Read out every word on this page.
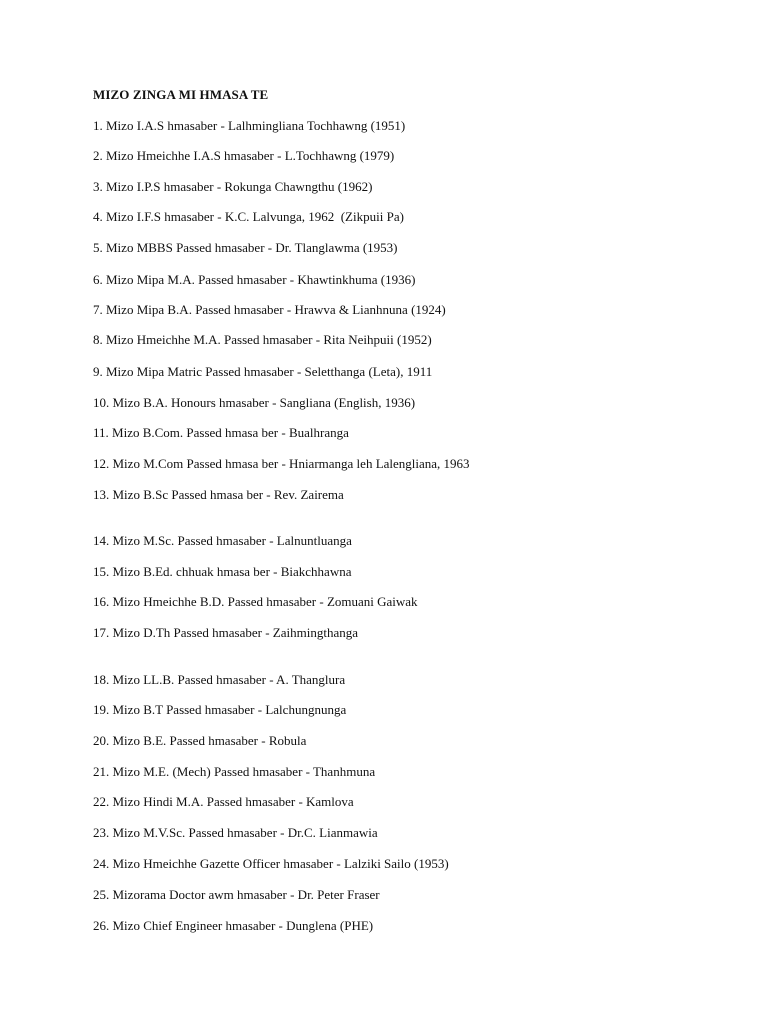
MIZO ZINGA MI HMASA TE
1. Mizo I.A.S hmasaber - Lalhmingliana Tochhawng (1951)
2. Mizo Hmeichhe I.A.S hmasaber - L.Tochhawng (1979)
3. Mizo I.P.S hmasaber - Rokunga Chawngthu (1962)
4. Mizo I.F.S hmasaber - K.C. Lalvunga, 1962  (Zikpuii Pa)
5. Mizo MBBS Passed hmasaber - Dr. Tlanglawma (1953)
6. Mizo Mipa M.A. Passed hmasaber - Khawtinkhuma (1936)
7. Mizo Mipa B.A. Passed hmasaber - Hrawva & Lianhnuna (1924)
8. Mizo Hmeichhe M.A. Passed hmasaber - Rita Neihpuii (1952)
9. Mizo Mipa Matric Passed hmasaber - Seletthanga (Leta), 1911
10. Mizo B.A. Honours hmasaber - Sangliana (English, 1936)
11. Mizo B.Com. Passed hmasa ber - Bualhranga
12. Mizo M.Com Passed hmasa ber - Hniarmanga leh Lalengliana, 1963
13. Mizo B.Sc Passed hmasa ber - Rev. Zairema
14. Mizo M.Sc. Passed hmasaber - Lalnuntluanga
15. Mizo B.Ed. chhuak hmasa ber - Biakchhawna
16. Mizo Hmeichhe B.D. Passed hmasaber - Zomuani Gaiwak
17. Mizo D.Th Passed hmasaber - Zaihmingthanga
18. Mizo LL.B. Passed hmasaber - A. Thanglura
19. Mizo B.T Passed hmasaber - Lalchungnunga
20. Mizo B.E. Passed hmasaber - Robula
21. Mizo M.E. (Mech) Passed hmasaber - Thanhmuna
22. Mizo Hindi M.A. Passed hmasaber - Kamlova
23. Mizo M.V.Sc. Passed hmasaber - Dr.C. Lianmawia
24. Mizo Hmeichhe Gazette Officer hmasaber - Lalziki Sailo (1953)
25. Mizorama Doctor awm hmasaber - Dr. Peter Fraser
26. Mizo Chief Engineer hmasaber - Dunglena (PHE)
